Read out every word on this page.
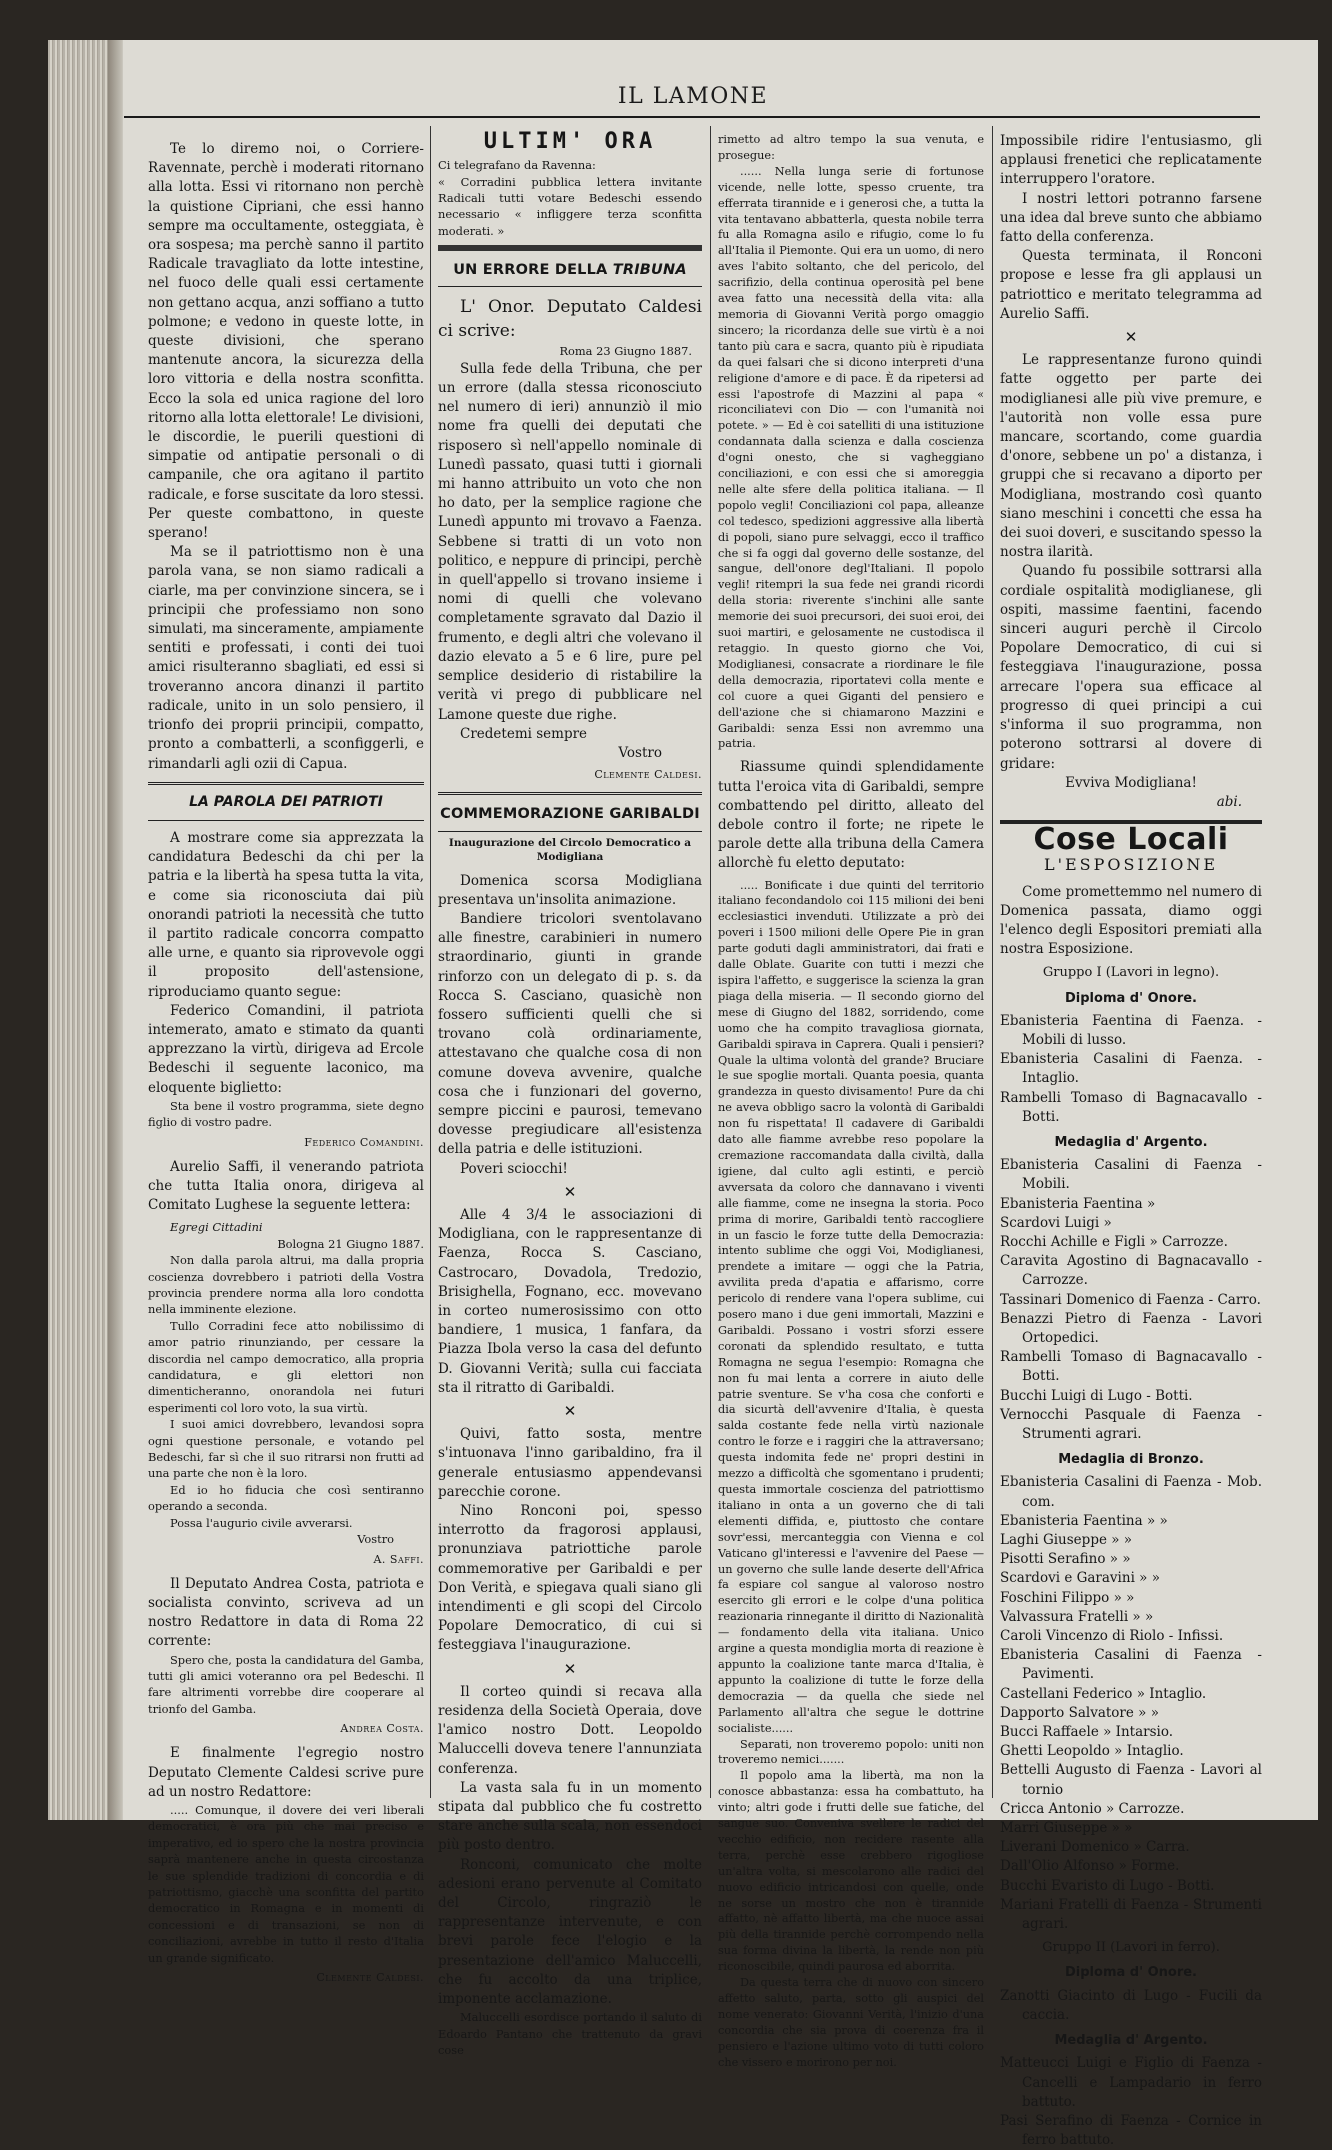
IL LAMONE

Te lo diremo noi, o Corriere-Ravennate, perchè i moderati ritornano alla lotta. Essi vi ritornano non perchè la quistione Cipriani, che essi hanno sempre ma occultamente, osteggiata, è ora sospesa; ma perchè sanno il partito Radicale travagliato da lotte intestine, nel fuoco delle quali essi certamente non gettano acqua, anzi soffiano a tutto polmone; e vedono in queste lotte, in queste divisioni, che sperano mantenute ancora, la sicurezza della loro vittoria e della nostra sconfitta. Ecco la sola ed unica ragione del loro ritorno alla lotta elettorale! Le divisioni, le discordie, le puerili questioni di simpatie od antipatie personali o di campanile, che ora agitano il partito radicale, e forse suscitate da loro stessi. Per queste combattono, in queste sperano!

Ma se il patriottismo non è una parola vana, se non siamo radicali a ciarle, ma per convinzione sincera, se i principii che professiamo non sono simulati, ma sinceramente, ampiamente sentiti e professati, i conti dei tuoi amici risulteranno sbagliati, ed essi si troveranno ancora dinanzi il partito radicale, unito in un solo pensiero, il trionfo dei proprii principii, compatto, pronto a combatterli, a sconfiggerli, e rimandarli agli ozii di Capua.

LA PAROLA DEI PATRIOTI

A mostrare come sia apprezzata la candidatura Bedeschi da chi per la patria e la libertà ha spesa tutta la vita, e come sia riconosciuta dai più onorandi patrioti la necessità che tutto il partito radicale concorra compatto alle urne, e quanto sia riprovevole oggi il proposito dell'astensione, riproduciamo quanto segue:

Federico Comandini, il patriota intemerato, amato e stimato da quanti apprezzano la virtù, dirigeva ad Ercole Bedeschi il seguente laconico, ma eloquente biglietto:

Sta bene il vostro programma, siete degno figlio di vostro padre.

Federico Comandini.

Aurelio Saffi, il venerando patriota che tutta Italia onora, dirigeva al Comitato Lughese la seguente lettera:

Egregi Cittadini

Bologna 21 Giugno 1887.

Non dalla parola altrui, ma dalla propria coscienza dovrebbero i patrioti della Vostra provincia prendere norma alla loro condotta nella imminente elezione.

Tullo Corradini fece atto nobilissimo di amor patrio rinunziando, per cessare la discordia nel campo democratico, alla propria candidatura, e gli elettori non dimenticheranno, onorandola nei futuri esperimenti col loro voto, la sua virtù.

I suoi amici dovrebbero, levandosi sopra ogni questione personale, e votando pel Bedeschi, far sì che il suo ritrarsi non frutti ad una parte che non è la loro.

Ed io ho fiducia che così sentiranno operando a seconda.

Possa l'augurio civile avverarsi.

Vostro
A. Saffi.

Il Deputato Andrea Costa, patriota e socialista convinto, scriveva ad un nostro Redattore in data di Roma 22 corrente:

Spero che, posta la candidatura del Gamba, tutti gli amici voteranno ora pel Bedeschi. Il fare altrimenti vorrebbe dire cooperare al trionfo del Gamba.

Andrea Costa.

E finalmente l'egregio nostro Deputato Clemente Caldesi scrive pure ad un nostro Redattore:

..... Comunque, il dovere dei veri liberali democratici, è ora più che mai preciso e imperativo, ed io spero che la nostra provincia saprà mantenere anche in questa circostanza le sue splendide tradizioni di concordia e di patriottismo, giacchè una sconfitta del partito democratico in Romagna e in momenti di concessioni e di transazioni, se non di conciliazioni, avrebbe in tutto il resto d'Italia un grande significato.

Clemente Caldesi.
ULTIM' ORA

Ci telegrafano da Ravenna:

« Corradini pubblica lettera invitante Radicali tutti votare Bedeschi essendo necessario « infliggere terza sconfitta moderati. »

UN ERRORE DELLA TRIBUNA

L' Onor. Deputato Caldesi ci scrive:

Roma 23 Giugno 1887.

Sulla fede della Tribuna, che per un errore (dalla stessa riconosciuto nel numero di ieri) annunziò il mio nome fra quelli dei deputati che risposero sì nell'appello nominale di Lunedì passato, quasi tutti i giornali mi hanno attribuito un voto che non ho dato, per la semplice ragione che Lunedì appunto mi trovavo a Faenza. Sebbene si tratti di un voto non politico, e neppure di principi, perchè in quell'appello si trovano insieme i nomi di quelli che volevano completamente sgravato dal Dazio il frumento, e degli altri che volevano il dazio elevato a 5 e 6 lire, pure pel semplice desiderio di ristabilire la verità vi prego di pubblicare nel Lamone queste due righe.

Credetemi sempre

Vostro
Clemente Caldesi.
COMMEMORAZIONE GARIBALDI
Inaugurazione del Circolo Democratico a Modigliana

Domenica scorsa Modigliana presentava un'insolita animazione.

Bandiere tricolori sventolavano alle finestre, carabinieri in numero straordinario, giunti in grande rinforzo con un delegato di p. s. da Rocca S. Casciano, quasichè non fossero sufficienti quelli che si trovano colà ordinariamente, attestavano che qualche cosa di non comune doveva avvenire, qualche cosa che i funzionari del governo, sempre piccini e paurosi, temevano dovesse pregiudicare all'esistenza della patria e delle istituzioni.

Poveri sciocchi!

✕

Alle 4 3/4 le associazioni di Modigliana, con le rappresentanze di Faenza, Rocca S. Casciano, Castrocaro, Dovadola, Tredozio, Brisighella, Fognano, ecc. movevano in corteo numerosissimo con otto bandiere, 1 musica, 1 fanfara, da Piazza Ibola verso la casa del defunto D. Giovanni Verità; sulla cui facciata sta il ritratto di Garibaldi.

✕

Quivi, fatto sosta, mentre s'intuonava l'inno garibaldino, fra il generale entusiasmo appendevansi parecchie corone.

Nino Ronconi poi, spesso interrotto da fragorosi applausi, pronunziava patriottiche parole commemorative per Garibaldi e per Don Verità, e spiegava quali siano gli intendimenti e gli scopi del Circolo Popolare Democratico, di cui si festeggiava l'inaugurazione.

✕

Il corteo quindi si recava alla residenza della Società Operaia, dove l'amico nostro Dott. Leopoldo Maluccelli doveva tenere l'annunziata conferenza.

La vasta sala fu in un momento stipata dal pubblico che fu costretto stare anche sulla scala, non essendoci più posto dentro.

Ronconi, comunicato che molte adesioni erano pervenute al Comitato del Circolo, ringraziò le rappresentanze intervenute, e con brevi parole fece l'elogio e la presentazione dell'amico Maluccelli, che fu accolto da una triplice, imponente acclamazione.

Maluccelli esordisce portando il saluto di Edoardo Pantano che trattenuto da gravi cose

rimetto ad altro tempo la sua venuta, e prosegue:

...... Nella lunga serie di fortunose vicende, nelle lotte, spesso cruente, tra efferrata tirannide e i generosi che, a tutta la vita tentavano abbatterla, questa nobile terra fu alla Romagna asilo e rifugio, come lo fu all'Italia il Piemonte. Qui era un uomo, di nero aves l'abito soltanto, che del pericolo, del sacrifizio, della continua operosità pel bene avea fatto una necessità della vita: alla memoria di Giovanni Verità porgo omaggio sincero; la ricordanza delle sue virtù è a noi tanto più cara e sacra, quanto più è ripudiata da quei falsari che si dicono interpreti d'una religione d'amore e di pace. È da ripetersi ad essi l'apostrofe di Mazzini al papa « riconciliatevi con Dio — con l'umanità noi potete. » — Ed è coi satelliti di una istituzione condannata dalla scienza e dalla coscienza d'ogni onesto, che si vagheggiano conciliazioni, e con essi che si amoreggia nelle alte sfere della politica italiana. — Il popolo vegli! Conciliazioni col papa, alleanze col tedesco, spedizioni aggressive alla libertà di popoli, siano pure selvaggi, ecco il traffico che si fa oggi dal governo delle sostanze, del sangue, dell'onore degl'Italiani. Il popolo vegli! ritempri la sua fede nei grandi ricordi della storia: riverente s'inchini alle sante memorie dei suoi precursori, dei suoi eroi, dei suoi martiri, e gelosamente ne custodisca il retaggio. In questo giorno che Voi, Modiglianesi, consacrate a riordinare le file della democrazia, riportatevi colla mente e col cuore a quei Giganti del pensiero e dell'azione che si chiamarono Mazzini e Garibaldi: senza Essi non avremmo una patria.

Riassume quindi splendidamente tutta l'eroica vita di Garibaldi, sempre combattendo pel diritto, alleato del debole contro il forte; ne ripete le parole dette alla tribuna della Camera allorchè fu eletto deputato:

..... Bonificate i due quinti del territorio italiano fecondandolo coi 115 milioni dei beni ecclesiastici invenduti. Utilizzate a prò dei poveri i 1500 milioni delle Opere Pie in gran parte goduti dagli amministratori, dai frati e dalle Oblate. Guarite con tutti i mezzi che ispira l'affetto, e suggerisce la scienza la gran piaga della miseria. — Il secondo giorno del mese di Giugno del 1882, sorridendo, come uomo che ha compito travagliosa giornata, Garibaldi spirava in Caprera. Quali i pensieri? Quale la ultima volontà del grande? Bruciare le sue spoglie mortali. Quanta poesia, quanta grandezza in questo divisamento! Pure da chi ne aveva obbligo sacro la volontà di Garibaldi non fu rispettata! Il cadavere di Garibaldi dato alle fiamme avrebbe reso popolare la cremazione raccomandata dalla civiltà, dalla igiene, dal culto agli estinti, e perciò avversata da coloro che dannavano i viventi alle fiamme, come ne insegna la storia. Poco prima di morire, Garibaldi tentò raccogliere in un fascio le forze tutte della Democrazia: intento sublime che oggi Voi, Modiglianesi, prendete a imitare — oggi che la Patria, avvilita preda d'apatia e affarismo, corre pericolo di rendere vana l'opera sublime, cui posero mano i due geni immortali, Mazzini e Garibaldi. Possano i vostri sforzi essere coronati da splendido resultato, e tutta Romagna ne segua l'esempio: Romagna che non fu mai lenta a correre in aiuto delle patrie sventure. Se v'ha cosa che conforti e dia sicurtà dell'avvenire d'Italia, è questa salda costante fede nella virtù nazionale contro le forze e i raggiri che la attraversano; questa indomita fede ne' propri destini in mezzo a difficoltà che sgomentano i prudenti; questa immortale coscienza del patriottismo italiano in onta a un governo che di tali elementi diffida, e, piuttosto che contare sovr'essi, mercanteggia con Vienna e col Vaticano gl'interessi e l'avvenire del Paese — un governo che sulle lande deserte dell'Africa fa espiare col sangue al valoroso nostro esercito gli errori e le colpe d'una politica reazionaria rinnegante il diritto di Nazionalità — fondamento della vita italiana. Unico argine a questa mondiglia morta di reazione è appunto la coalizione tante marca d'Italia, è appunto la coalizione di tutte le forze della democrazia — da quella che siede nel Parlamento all'altra che segue le dottrine socialiste......

Separati, non troveremo popolo: uniti non troveremo nemici.......

Il popolo ama la libertà, ma non la conosce abbastanza: essa ha combattuto, ha vinto; altri gode i frutti delle sue fatiche, del sangue suo. Conveniva svellere le radici del vecchio edificio, non recidere rasente alla terra, perchè esse crebbero rigogliose un'altra volta, si mescolarono alle radici del nuovo edificio intricandosi con quelle, onde ne sorse un mostro che non è tirannide affatto, nè affatto libertà, ma che nuoce assai più della tirannide perchè corrompendo nella sua forma divina la libertà, la rende non più riconoscibile, quindi paurosa ed aborrita.

Da questa terra che di nuovo con sincero affetto saluto, parta, sotto gli auspici del nome venerato: Giovanni Verità, l'inizio d'una concordia che sia prova di coerenza fra il pensiero e l'azione ultimo voto di tutti coloro che vissero e morirono per noi.

Impossibile ridire l'entusiasmo, gli applausi frenetici che replicatamente interruppero l'oratore.

I nostri lettori potranno farsene una idea dal breve sunto che abbiamo fatto della conferenza.

Questa terminata, il Ronconi propose e lesse fra gli applausi un patriottico e meritato telegramma ad Aurelio Saffi.

✕

Le rappresentanze furono quindi fatte oggetto per parte dei modiglianesi alle più vive premure, e l'autorità non volle essa pure mancare, scortando, come guardia d'onore, sebbene un po' a distanza, i gruppi che si recavano a diporto per Modigliana, mostrando così quanto siano meschini i concetti che essa ha dei suoi doveri, e suscitando spesso la nostra ilarità.

Quando fu possibile sottrarsi alla cordiale ospitalità modiglianese, gli ospiti, massime faentini, facendo sinceri auguri perchè il Circolo Popolare Democratico, di cui si festeggiava l'inaugurazione, possa arrecare l'opera sua efficace al progresso di quei principi a cui s'informa il suo programma, non poterono sottrarsi al dovere di gridare:

Evviva Modigliana!
abi.
Cose Locali
L'ESPOSIZIONE

Come promettemmo nel numero di Domenica passata, diamo oggi l'elenco degli Espositori premiati alla nostra Esposizione.

Gruppo I (Lavori in legno).
Diploma d' Onore.
Ebanisteria Faentina di Faenza. - Mobili di lusso.
Ebanisteria Casalini di Faenza. - Intaglio.
Rambelli Tomaso di Bagnacavallo - Botti.
Medaglia d' Argento.
Ebanisteria Casalini di Faenza - Mobili.
Ebanisteria Faentina »
Scardovi Luigi »
Rocchi Achille e Figli » Carrozze.
Caravita Agostino di Bagnacavallo - Carrozze.
Tassinari Domenico di Faenza - Carro.
Benazzi Pietro di Faenza - Lavori Ortopedici.
Rambelli Tomaso di Bagnacavallo - Botti.
Bucchi Luigi di Lugo - Botti.
Vernocchi Pasquale di Faenza - Strumenti agrari.
Medaglia di Bronzo.
Ebanisteria Casalini di Faenza - Mob. com.
Ebanisteria Faentina » »
Laghi Giuseppe » »
Pisotti Serafino » »
Scardovi e Garavini » »
Foschini Filippo » »
Valvassura Fratelli » »
Caroli Vincenzo di Riolo - Infissi.
Ebanisteria Casalini di Faenza - Pavimenti.
Castellani Federico » Intaglio.
Dapporto Salvatore » »
Bucci Raffaele » Intarsio.
Ghetti Leopoldo » Intaglio.
Bettelli Augusto di Faenza - Lavori al tornio
Cricca Antonio » Carrozze.
Marri Giuseppe » »
Liverani Domenico » Carra.
Dall'Olio Alfonso » Forme.
Bucchi Evaristo di Lugo - Botti.
Mariani Fratelli di Faenza - Strumenti agrari.
Gruppo II (Lavori in ferro).
Diploma d' Onore.
Zanotti Giacinto di Lugo - Fucili da caccia.
Medaglia d' Argento.
Matteucci Luigi e Figlio di Faenza - Cancelli e Lampadario in ferro battuto.
Pasi Serafino di Faenza - Cornice in ferro battuto.
